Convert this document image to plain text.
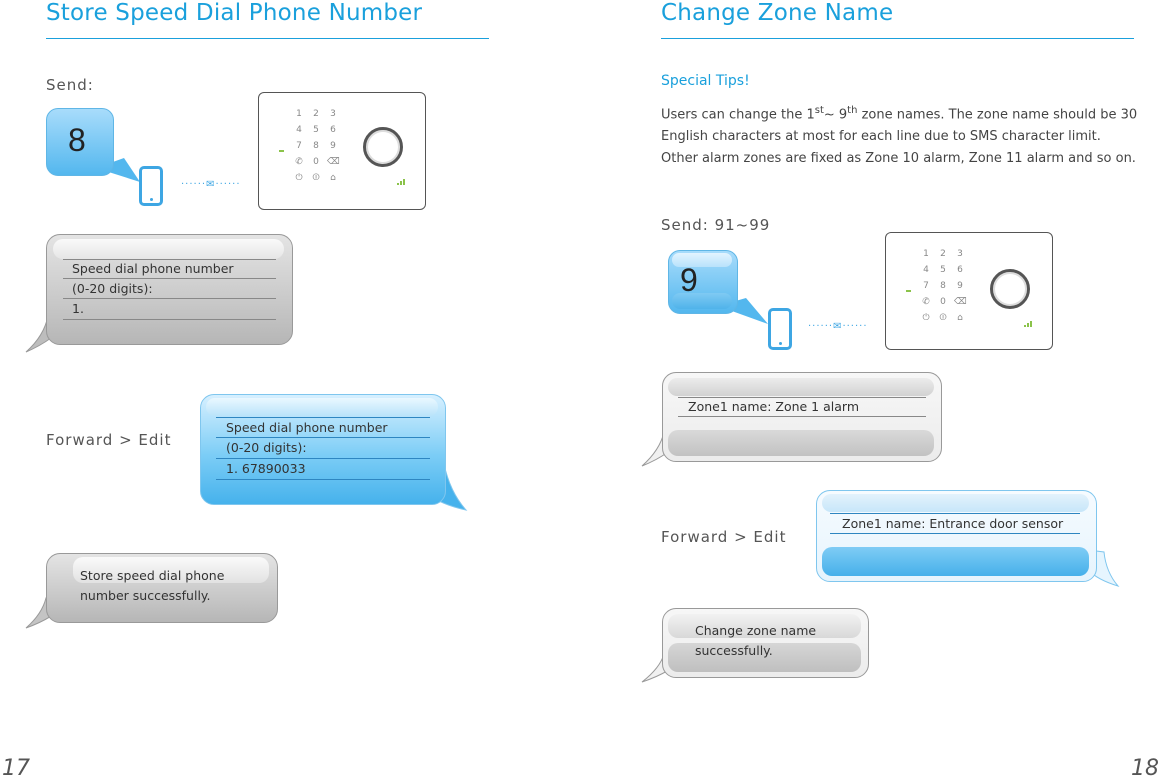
Store Speed Dial Phone Number
Send:
8
······✉······
1	2	3
4	5	6
7	8	9
✆	0 ⌫
⏻ ⏼	⌂
Speed dial phone number
(0-20 digits):
1.
Forward > Edit
Speed dial phone number
(0-20 digits):
1. 67890033
Store speed dial phone
number successfully.
17
Change Zone Name
Special Tips!
Users can change the 1st~ 9th zone names. The zone name should be 30
English characters at most for each line due to SMS character limit.
Other alarm zones are fixed as Zone 10 alarm, Zone 11 alarm and so on.
Send: 91~99
9
······✉······
1	2	3
4	5	6
7	8	9
✆	0 ⌫
⏻ ⏼	⌂
Zone1 name: Zone 1 alarm
Forward > Edit
Zone1 name: Entrance door sensor
Change zone name
successfully.
18
